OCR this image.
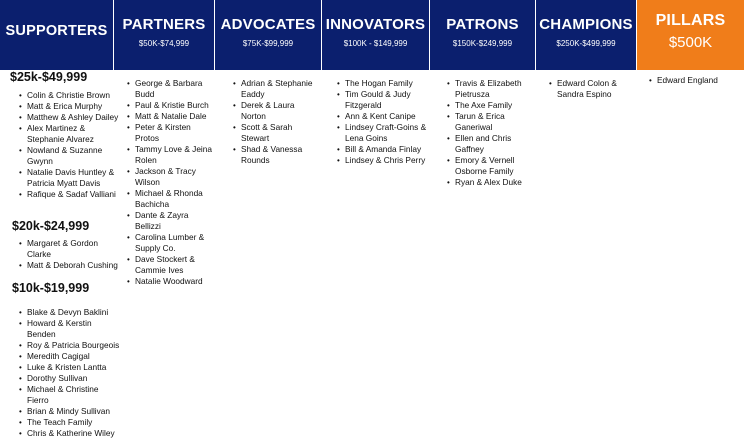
SUPPORTERS	PARTNERS
$50K-$74,999
ADVOCATES
$75K-$99,999
INNOVATORS
$100K - $149,999
PATRONS
$150K-$249,999
CHAMPIONS
$250K-$499,999
PILLARS
$500K
$25k-$49,999
• Colin & Christie Brown
• Matt & Erica Murphy
• Matthew & Ashley Dailey
• Alex Martinez & Stephanie Alvarez
• Nowland & Suzanne Gwynn
• Natalie Davis Huntley & Patricia Myatt Davis
• Rafique & Sadaf Valliani
$20k-$24,999
• Margaret & Gordon Clarke
• Matt & Deborah Cushing
$10k-$19,999
• Blake & Devyn Baklini
• Howard & Kerstin Benden
• Roy & Patricia Bourgeois
• Meredith Cagigal
• Luke & Kristen Lantta
• Dorothy Sullivan
• Michael & Christine Fierro
• Brian & Mindy Sullivan
• The Teach Family
• Chris & Katherine Wiley
• George & Barbara Budd
• Paul & Kristie Burch
• Matt & Natalie Dale
• Peter & Kirsten Protos
• Tammy Love & Jeina Rolen
• Jackson & Tracy Wilson
• Michael & Rhonda Bachicha
• Dante & Zayra Bellizzi
• Carolina Lumber & Supply Co.
• Dave Stockert & Cammie Ives
• Natalie Woodward
• Adrian & Stephanie Eaddy
• Derek & Laura Norton
• Scott & Sarah Stewart
• Shad & Vanessa Rounds
• The Hogan Family
• Tim Gould & Judy Fitzgerald
• Ann & Kent Canipe
• Lindsey Craft-Goins & Lena Goins
• Bill & Amanda Finlay
• Lindsey & Chris Perry
• Travis & Elizabeth Pietrusza
• The Axe Family
• Tarun & Erica Ganeriwal
• Ellen and Chris Gaffney
• Emory & Vernell Osborne Family
• Ryan & Alex Duke
• Edward Colon & Sandra Espino
• Edward England
